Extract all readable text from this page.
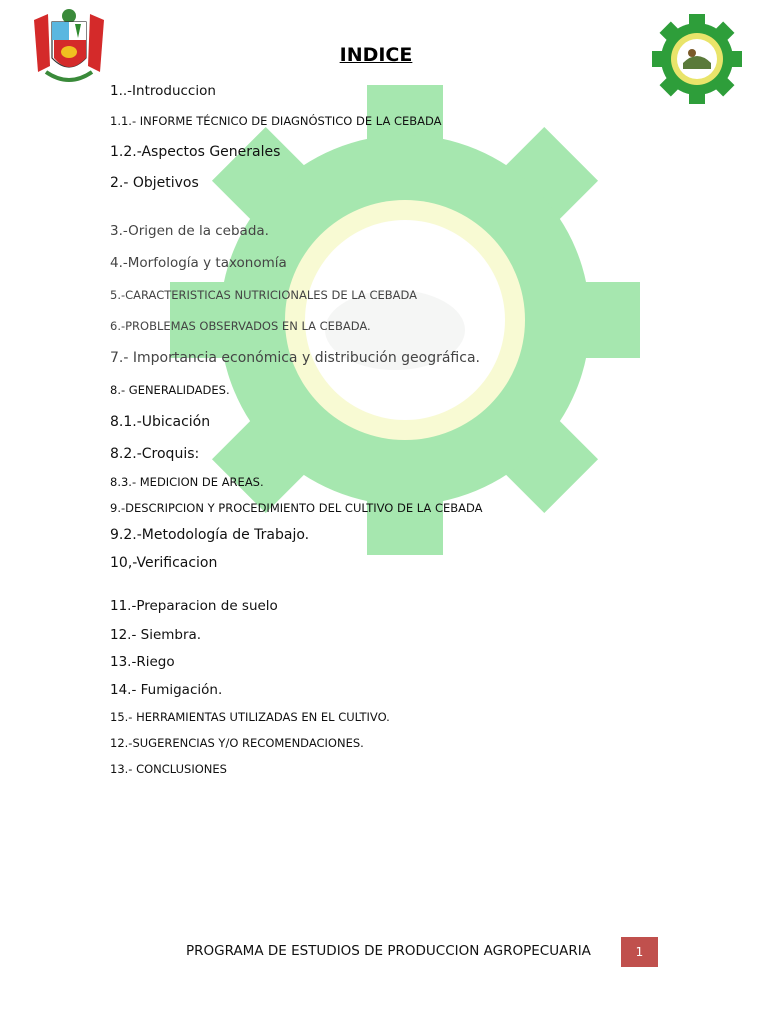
INDICE
1..-Introduccion
1.1.- INFORME TÉCNICO DE DIAGNÓSTICO DE LA CEBADA
1.2.-Aspectos Generales
2.- Objetivos
3.-Origen de la cebada.
4.-Morfología y taxonomía
5.-CARACTERISTICAS NUTRICIONALES DE LA CEBADA
6.-PROBLEMAS OBSERVADOS EN LA CEBADA.
7.- Importancia económica y distribución geográfica.
8.- GENERALIDADES.
8.1.-Ubicación
8.2.-Croquis:
8.3.- MEDICION DE AREAS.
9.-DESCRIPCION Y PROCEDIMIENTO DEL CULTIVO DE LA CEBADA
9.2.-Metodología de Trabajo.
10,-Verificacion
11.-Preparacion de suelo
12.- Siembra.
13.-Riego
14.- Fumigación.
15.- HERRAMIENTAS UTILIZADAS EN EL CULTIVO.
12.-SUGERENCIAS Y/O RECOMENDACIONES.
13.- CONCLUSIONES
PROGRAMA DE ESTUDIOS DE PRODUCCION AGROPECUARIA	1
